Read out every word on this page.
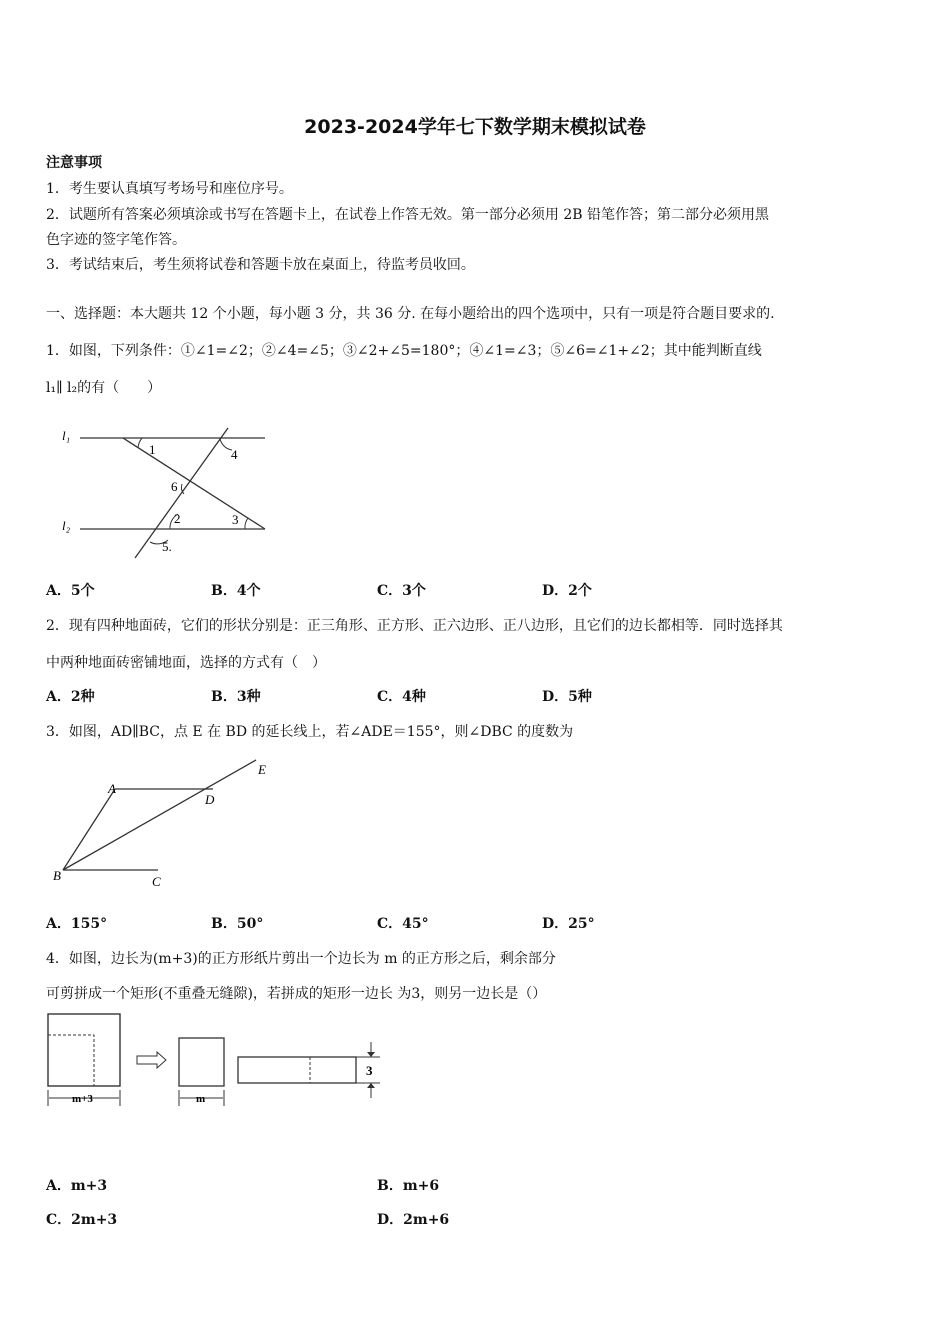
2023-2024学年七下数学期末模拟试卷
注意事项
1．考生要认真填写考场号和座位序号。
2．试题所有答案必须填涂或书写在答题卡上，在试卷上作答无效。第一部分必须用 2B 铅笔作答；第二部分必须用黑
色字迹的签字笔作答。
3．考试结束后，考生须将试卷和答题卡放在桌面上，待监考员收回。
一、选择题：本大题共 12 个小题，每小题 3 分，共 36 分. 在每小题给出的四个选项中，只有一项是符合题目要求的.
1．如图，下列条件：①∠1=∠2；②∠4=∠5；③∠2+∠5=180°；④∠1=∠3；⑤∠6=∠1+∠2；其中能判断直线
l₁∥ l₂的有（　　）
l₁
l₂
1	4
6
2	3
5.
A．5个	B．4个	C．3个	D．2个
2．现有四种地面砖，它们的形状分别是：正三角形、正方形、正六边形、正八边形，且它们的边长都相等．同时选择其
中两种地面砖密铺地面，选择的方式有（　）
A．2种	B．3种	C．4种	D．5种
3．如图，AD∥BC，点 E 在 BD 的延长线上，若∠ADE＝155°，则∠DBC 的度数为
A
D
E
B	C
A．155°	B．50°	C．45°	D．25°
4．如图，边长为(m+3)的正方形纸片剪出一个边长为 m 的正方形之后，剩余部分
可剪拼成一个矩形(不重叠无缝隙)，若拼成的矩形一边长 为3，则另一边长是（）
m+3	m
3
A．m+3	B．m+6
C．2m+3	D．2m+6
